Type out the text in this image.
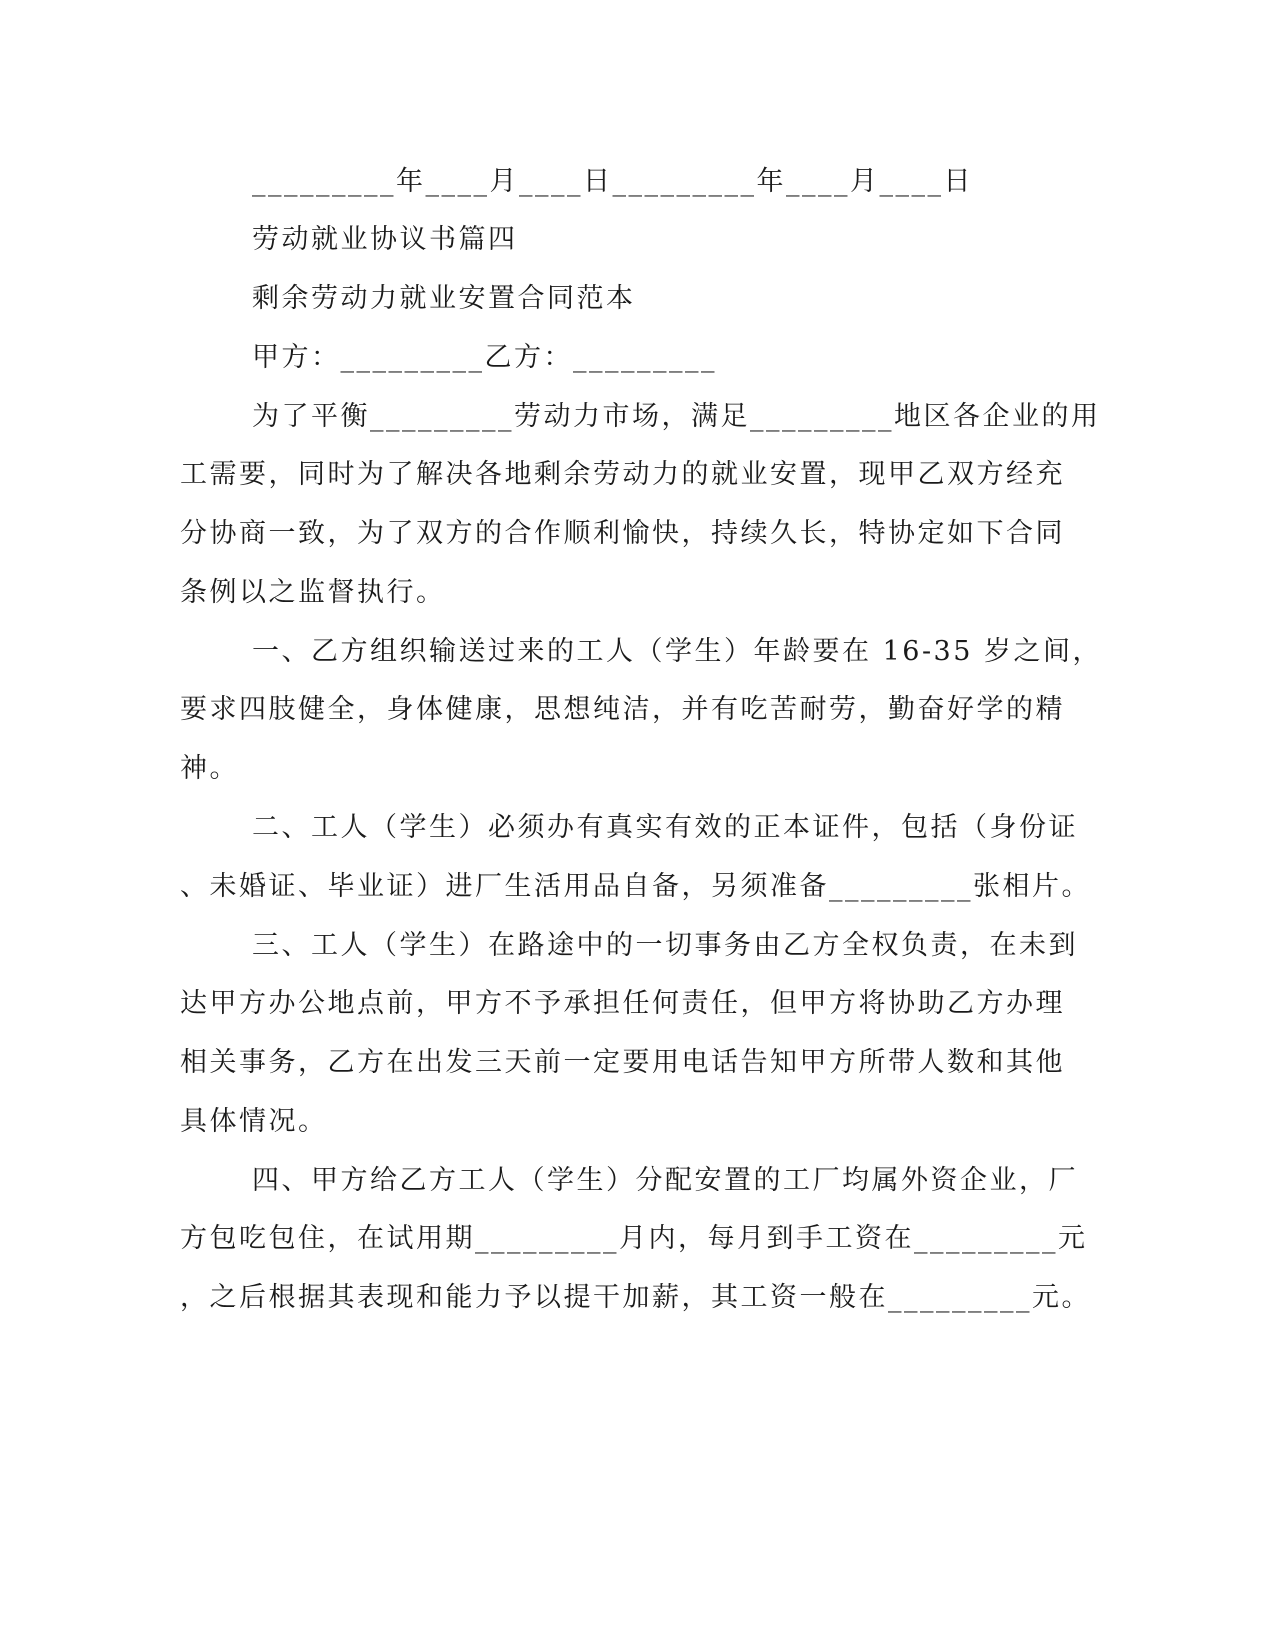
_________年____月____日_________年____月____日
劳动就业协议书篇四
剩余劳动力就业安置合同范本
甲方：_________乙方：_________
为了平衡_________劳动力市场，满足_________地区各企业的用
工需要，同时为了解决各地剩余劳动力的就业安置，现甲乙双方经充
分协商一致，为了双方的合作顺利愉快，持续久长，特协定如下合同
条例以之监督执行。
一、乙方组织输送过来的工人（学生）年龄要在 16-35 岁之间，
要求四肢健全，身体健康，思想纯洁，并有吃苦耐劳，勤奋好学的精
神。
二、工人（学生）必须办有真实有效的正本证件，包括（身份证
、未婚证、毕业证）进厂生活用品自备，另须准备_________张相片。
三、工人（学生）在路途中的一切事务由乙方全权负责，在未到
达甲方办公地点前，甲方不予承担任何责任，但甲方将协助乙方办理
相关事务，乙方在出发三天前一定要用电话告知甲方所带人数和其他
具体情况。
四、甲方给乙方工人（学生）分配安置的工厂均属外资企业，厂
方包吃包住，在试用期_________月内，每月到手工资在_________元
，之后根据其表现和能力予以提干加薪，其工资一般在_________元。
